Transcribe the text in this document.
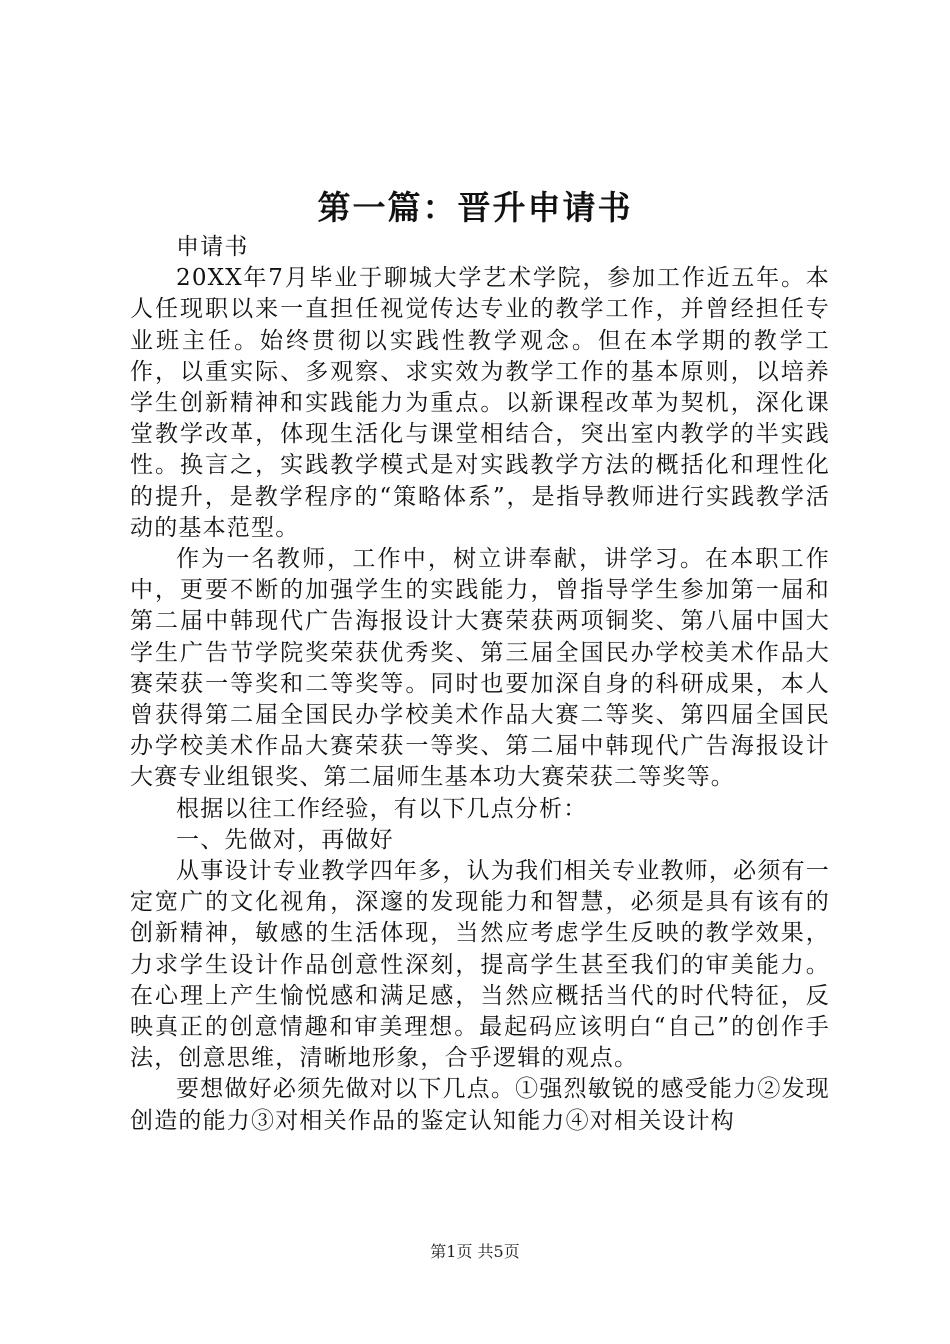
第一篇：晋升申请书

申请书

20XX年7月毕业于聊城大学艺术学院，参加工作近五年。本人任现职以来一直担任视觉传达专业的教学工作，并曾经担任专业班主任。始终贯彻以实践性教学观念。但在本学期的教学工作，以重实际、多观察、求实效为教学工作的基本原则，以培养学生创新精神和实践能力为重点。以新课程改革为契机，深化课堂教学改革，体现生活化与课堂相结合，突出室内教学的半实践性。换言之，实践教学模式是对实践教学方法的概括化和理性化的提升，是教学程序的“策略体系”，是指导教师进行实践教学活动的基本范型。

作为一名教师，工作中，树立讲奉献，讲学习。在本职工作中，更要不断的加强学生的实践能力，曾指导学生参加第一届和第二届中韩现代广告海报设计大赛荣获两项铜奖、第八届中国大学生广告节学院奖荣获优秀奖、第三届全国民办学校美术作品大赛荣获一等奖和二等奖等。同时也要加深自身的科研成果，本人曾获得第二届全国民办学校美术作品大赛二等奖、第四届全国民办学校美术作品大赛荣获一等奖、第二届中韩现代广告海报设计大赛专业组银奖、第二届师生基本功大赛荣获二等奖等。

根据以往工作经验，有以下几点分析：

一、先做对，再做好

从事设计专业教学四年多，认为我们相关专业教师，必须有一定宽广的文化视角，深邃的发现能力和智慧，必须是具有该有的创新精神，敏感的生活体现，当然应考虑学生反映的教学效果，力求学生设计作品创意性深刻，提高学生甚至我们的审美能力。在心理上产生愉悦感和满足感，当然应概括当代的时代特征，反映真正的创意情趣和审美理想。最起码应该明白“自己”的创作手法，创意思维，清晰地形象，合乎逻辑的观点。

要想做好必须先做对以下几点。①强烈敏锐的感受能力②发现创造的能力③对相关作品的鉴定认知能力④对相关设计构

第1页 共5页
